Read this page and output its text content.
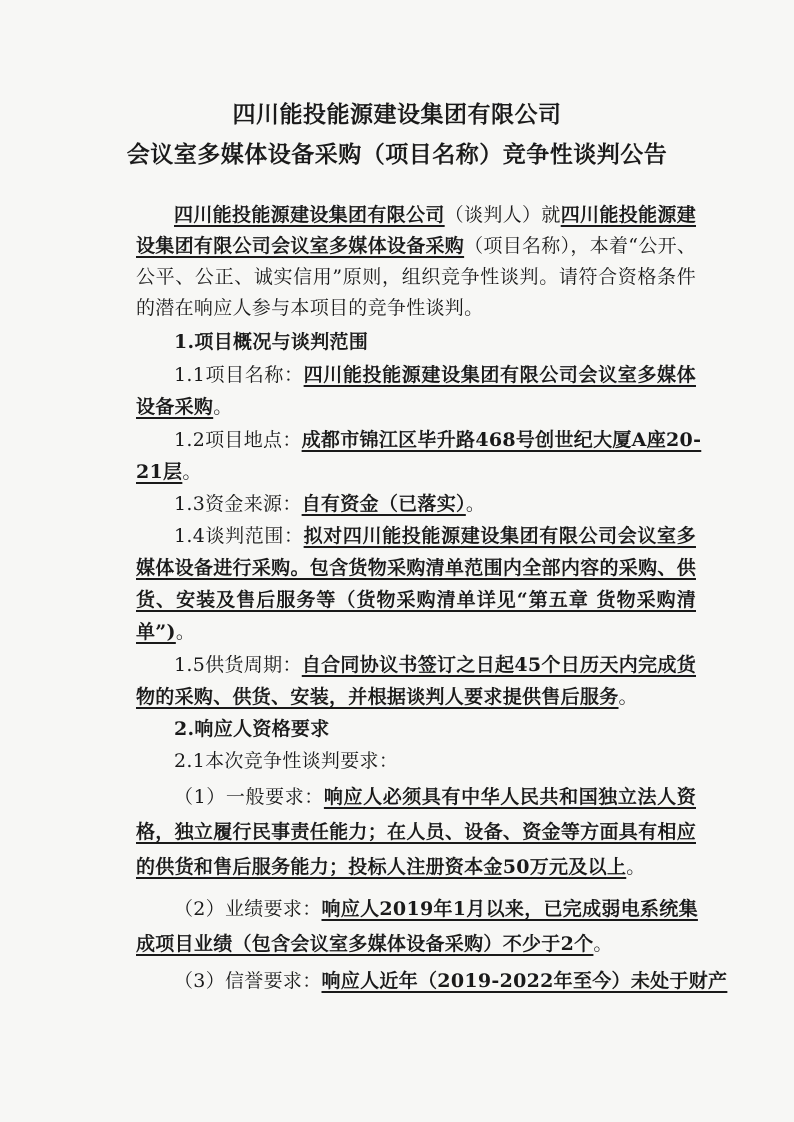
四川能投能源建设集团有限公司
会议室多媒体设备采购（项目名称）竞争性谈判公告
四川能投能源建设集团有限公司（谈判人）就四川能投能源建
设集团有限公司会议室多媒体设备采购（项目名称），本着“公开、
公平、公正、诚实信用”原则，组织竞争性谈判。请符合资格条件
的潜在响应人参与本项目的竞争性谈判。
1.项目概况与谈判范围
1.1项目名称：四川能投能源建设集团有限公司会议室多媒体
设备采购。
1.2项目地点：成都市锦江区毕升路468号创世纪大厦A座20-
21层。
1.3资金来源：自有资金（已落实）。
1.4谈判范围：拟对四川能投能源建设集团有限公司会议室多
媒体设备进行采购。包含货物采购清单范围内全部内容的采购、供
货、安装及售后服务等（货物采购清单详见“第五章 货物采购清
单”)。
1.5供货周期：自合同协议书签订之日起45个日历天内完成货
物的采购、供货、安装，并根据谈判人要求提供售后服务。
2.响应人资格要求
2.1本次竞争性谈判要求：
（1）一般要求：响应人必须具有中华人民共和国独立法人资
格，独立履行民事责任能力；在人员、设备、资金等方面具有相应
的供货和售后服务能力；投标人注册资本金50万元及以上。
（2）业绩要求：响应人2019年1月以来，已完成弱电系统集
成项目业绩（包含会议室多媒体设备采购）不少于2个。
（3）信誉要求：响应人近年（2019-2022年至今）未处于财产
